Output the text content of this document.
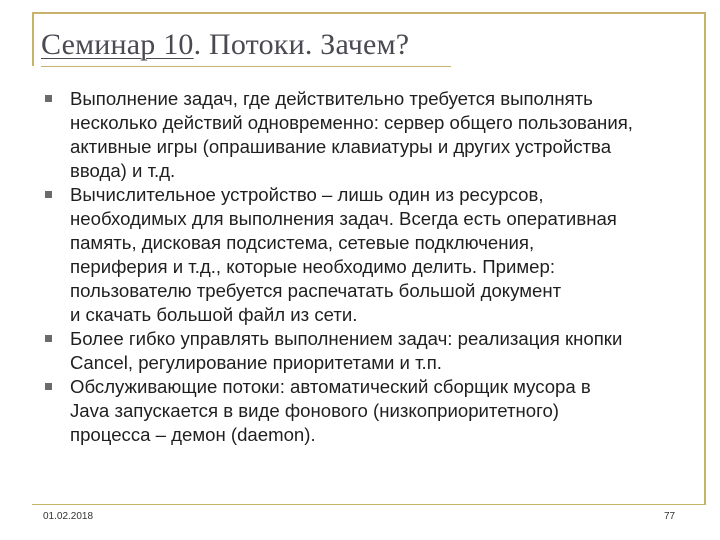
Семинар 10. Потоки. Зачем?
Выполнение задач, где действительно требуется выполнять
несколько действий одновременно: сервер общего пользования,
активные игры (опрашивание клавиатуры и других устройства
ввода) и т.д.
Вычислительное устройство – лишь один из ресурсов,
необходимых для выполнения задач. Всегда есть оперативная
память, дисковая подсистема, сетевые подключения,
периферия и т.д., которые необходимо делить. Пример:
пользователю требуется распечатать большой документ
и скачать большой файл из сети.
Более гибко управлять выполнением задач: реализация кнопки
Cancel, регулирование приоритетами и т.п.
Обслуживающие потоки: автоматический сборщик мусора в
Java запускается в виде фонового (низкоприоритетного)
процесса – демон (daemon).
01.02.2018	77
